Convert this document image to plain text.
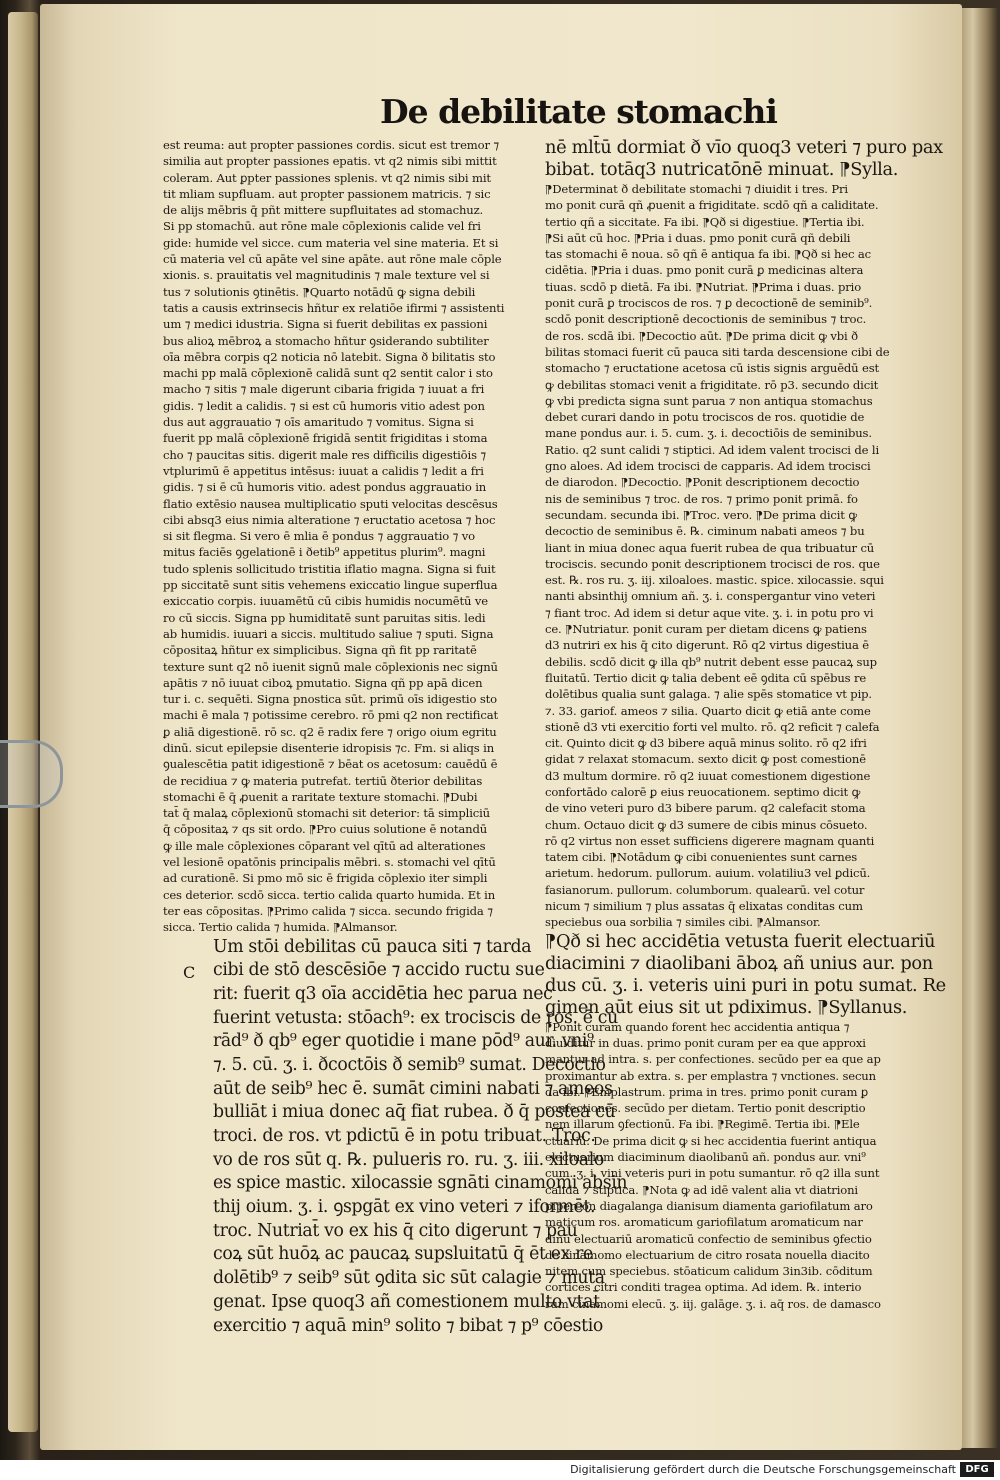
De debilitate stomachi
est reuma: aut propter passiones cordis. sicut est tremor ⁊
similia aut propter passiones epatis. vt q2 nimis sibi mittit
coleram. Aut ꝑpter passiones splenis. vt q2 nimis sibi mit
tit mliam supfluam. aut propter passionem matricis. ⁊ sic
de alijs mēbris q̄ pñt mittere supfluitates ad stomachuz.
Si pp stomachū. aut rōne male cōplexionis calide vel fri
gide: humide vel sicce. cum materia vel sine materia. Et si
cū materia vel cū apāte vel sine apāte. aut rōne male cōple
xionis. s. prauitatis vel magnitudinis ⁊ male texture vel si
tus ⁊ solutionis ꝯtinētis. ⁋Quarto notādū ꝙ signa debili
tatis a causis extrinsecis hñtur ex relatiōe ifirmi ⁊ assistenti
um ⁊ medici idustria. Signa si fuerit debilitas ex passioni
bus alioꝝ mēbroꝝ a stomacho hñtur ꝯsiderando subtiliter
oīa mēbra corpis q2 noticia nō latebit. Signa ð bilitatis sto
machi pp malā cōplexionē calidā sunt q2 sentit calor i sto
macho ⁊ sitis ⁊ male digerunt cibaria frigida ⁊ iuuat a fri
gidis. ⁊ ledit a calidis. ⁊ si est cū humoris vitio adest pon
dus aut aggrauatio ⁊ oīs amaritudo ⁊ vomitus. Signa si
fuerit pp malā cōplexionē frigidā sentit frigiditas i stoma
cho ⁊ paucitas sitis. digerit male res difficilis digestiōis ⁊
vtplurimū ē appetitus intēsus: iuuat a calidis ⁊ ledit a fri
gidis. ⁊ si ē cū humoris vitio. adest pondus aggrauatio in
flatio extēsio nausea multiplicatio sputi velocitas descēsus
cibi absq3 eius nimia alteratione ⁊ eructatio acetosa ⁊ hoc
si sit flegma. Si vero ē mlia ē pondus ⁊ aggrauatio ⁊ vo
mitus faciēs ꝯgelationē i ðetib⁹ appetitus plurim⁹. magni
tudo splenis sollicitudo tristitia iflatio magna. Signa si fuit
pp siccitatē sunt sitis vehemens exiccatio lingue superflua
exiccatio corpis. iuuamētū cū cibis humidis nocumētū ve
ro cū siccis. Signa pp humiditatē sunt paruitas sitis. ledi
ab humidis. iuuari a siccis. multitudo saliue ⁊ sputi. Signa
cōpositaꝝ hñtur ex simplicibus. Signa qñ fit pp raritatē
texture sunt q2 nō iuenit signū male cōplexionis nec signū
apātis ⁊ nō iuuat ciboꝝ pmutatio. Signa qñ pp apā dicen
tur i. c. sequēti. Signa pnostica sūt. primū oīs idigestio sto
machi ē mala ⁊ potissime cerebro. rō pmi q2 non rectificat
ꝑ aliā digestionē. rō sc. q2 ē radix fere ⁊ origo oium egritu
dinū. sicut epilepsie disenterie idropisis ⁊c. Fm. si aliqs in
ꝯualescētia patit idigestionē ⁊ bēat os acetosum: cauēdū ē
de recidiua ⁊ ꝙ materia putrefat. tertiū ðterior debilitas
stomachi ē q̄ ꝓuenit a raritate texture stomachi. ⁋Dubi
tat̄ q̄ malaꝝ cōplexionū stomachi sit deterior: tā simpliciū
q̄ cōpositaꝝ ⁊ qs sit ordo. ⁋Pro cuius solutione ē notandū
ꝙ ille male cōplexiones cōparant vel qītū ad alterationes
vel lesionē opatōnis principalis mēbri. s. stomachi vel qītū
ad curationē. Si pmo mō sic ē frigida cōplexio iter simpli
ces deterior. scdō sicca. tertio calida quarto humida. Et in
ter eas cōpositas. ⁋Primo calida ⁊ sicca. secundo frigida ⁊
sicca. Tertio calida ⁊ humida. ⁋Almansor.
Um stōi debilitas cū pauca siti ⁊ tarda
cibi de stō descēsiōe ⁊ accido ructu sue
rit: fuerit q3 oīa accidētia hec parua nec
fuerint vetusta: stōach⁹: ex trociscis de ros. ē cu
rād⁹ ð qb⁹ eger quotidie i mane pōd⁹ aur. vni⁹
⁊. 5. cū. ʒ. i. ðcoctōis ð semib⁹ sumat. Decoctio
aūt de seib⁹ hec ē. sumāt cimini nabati ⁊ ameos
bulliāt i miua donec aq̄ fiat rubea. ð q̄ postea cū
troci. de ros. vt pdictū ē in potu tribuat. Troc.
vo de ros sūt q. ℞. pulueris ro. ru. ʒ. iii. xiloalo
es spice mastic. xilocassie sgnāti cinamomi absin
thij oium. ʒ. i. ꝯspgāt ex vino veteri ⁊ iformēt.
troc. Nutriat̄ vo ex his q̄ cito digerunt ⁊ pau
coꝝ sūt huōꝝ ac paucaꝝ supsluitatū q̄ ēt ex re
dolētib⁹ ⁊ seib⁹ sūt ꝯdita sic sūt calagie ⁊ muta
genat. Ipse quoq3 añ comestionem multo vtat̄
exercitio ⁊ aquā min⁹ solito ⁊ bibat ⁊ p⁹ cōestio
C
nē mlt̄ū dormiat ð vīo quoq3 veteri ⁊ puro pax
bibat. totāq3 nutricatōnē minuat. ⁋Sylla.
⁋Determinat ð debilitate stomachi ⁊ diuidit i tres. Pri
mo ponit curā qñ ꝓuenit a frigiditate. scdō qñ a caliditate.
tertio qñ a siccitate. Fa ibi. ⁋Qð si digestiue. ⁋Tertia ibi.
⁋Si aūt cū hoc. ⁋Pria i duas. pmo ponit curā qñ debili
tas stomachi ē noua. sō qñ ē antiqua fa ibi. ⁋Qð si hec ac
cidētia. ⁋Pria i duas. pmo ponit curā ꝑ medicinas altera
tiuas. scdō p dietā. Fa ibi. ⁋Nutriat. ⁋Prima i duas. prio
ponit curā ꝑ trociscos de ros. ⁊ ꝑ decoctionē de seminib⁹.
scdō ponit descriptionē decoctionis de seminibus ⁊ troc.
de ros. scdā ibi. ⁋Decoctio aūt. ⁋De prima dicit ꝙ vbi ð
bilitas stomaci fuerit cū pauca siti tarda descensione cibi de
stomacho ⁊ eructatione acetosa cū istis signis arguēdū est
ꝙ debilitas stomaci venit a frigiditate. rō p3. secundo dicit
ꝙ vbi predicta signa sunt parua ⁊ non antiqua stomachus
debet curari dando in potu trociscos de ros. quotidie de
mane pondus aur. i. 5. cum. ʒ. i. decoctiōis de seminibus.
Ratio. q2 sunt calidi ⁊ stiptici. Ad idem valent trocisci de li
gno aloes. Ad idem trocisci de capparis. Ad idem trocisci
de diarodon. ⁋Decoctio. ⁋Ponit descriptionem decoctio
nis de seminibus ⁊ troc. de ros. ⁊ primo ponit primā. fo
secundam. secunda ibi. ⁋Troc. vero. ⁋De prima dicit ꝙ
decoctio de seminibus ē. ℞. ciminum nabati ameos ⁊ bu
liant in miua donec aqua fuerit rubea de qua tribuatur cū
trociscis. secundo ponit descriptionem trocisci de ros. que
est. ℞. ros ru. ʒ. iij. xiloaloes. mastic. spice. xilocassie. squi
nanti absinthij omnium añ. ʒ. i. conspergantur vino veteri
⁊ fiant troc. Ad idem si detur aque vite. ʒ. i. in potu pro vi
ce. ⁋Nutriatur. ponit curam per dietam dicens ꝙ patiens
d3 nutriri ex his q̄ cito digerunt. Rō q2 virtus digestiua ē
debilis. scdō dicit ꝙ illa qb⁹ nutrit debent esse paucaꝝ sup
fluitatū. Tertio dicit ꝙ talia debent eē ꝯdita cū spēbus re
dolētibus qualia sunt galaga. ⁊ alie spēs stomatice vt pip.
⁊. 33. gariof. ameos ⁊ silia. Quarto dicit ꝙ etiā ante come
stionē d3 vti exercitio forti vel multo. rō. q2 reficit ⁊ calefa
cit. Quinto dicit ꝙ d3 bibere aquā minus solito. rō q2 ifri
gidat ⁊ relaxat stomacum. sexto dicit ꝙ post comestionē
d3 multum dormire. rō q2 iuuat comestionem digestione
confortādo calorē ꝑ eius reuocationem. septimo dicit ꝙ
de vino veteri puro d3 bibere parum. q2 calefacit stoma
chum. Octauo dicit ꝙ d3 sumere de cibis minus cōsueto.
rō q2 virtus non esset sufficiens digerere magnam quanti
tatem cibi. ⁋Notādum ꝙ cibi conuenientes sunt carnes
arietum. hedorum. pullorum. auium. volatiliu3 vel ꝑdicū.
fasianorum. pullorum. columborum. qualearū. vel cotur
nicum ⁊ similium ⁊ plus assatas q̄ elixatas conditas cum
speciebus oua sorbilia ⁊ similes cibi. ⁋Almansor.
⁋Qð si hec accidētia vetusta fuerit electuariū
diacimini ⁊ diaolibani āboꝝ añ unius aur. pon
dus cū. ʒ. i. veteris uini puri in potu sumat. Re
gimen aūt eius sit ut pdiximus. ⁋Syllanus.
⁋Ponit curam quando forent hec accidentia antiqua ⁊
diuiditur in duas. primo ponit curam per ea que approxi
mantur ad intra. s. per confectiones. secūdo per ea que ap
proximantur ab extra. s. per emplastra ⁊ vnctiones. secun
da ibi. ⁋Emplastrum. prima in tres. primo ponit curam ꝑ
confectiones. secūdo per dietam. Tertio ponit descriptio
nem illarum ꝯfectionū. Fa ibi. ⁋Regimē. Tertia ibi. ⁋Ele
ctuariū. De prima dicit ꝙ si hec accidentia fuerint antiqua
electuarium diaciminum diaolibanū añ. pondus aur. vni⁹
cum. ʒ. i. vini veteris puri in potu sumantur. rō q2 illa sunt
calida ⁊ stiptica. ⁋Nota ꝙ ad idē valent alia vt diatrioni
pipereon diagalanga dianisum diamenta gariofilatum aro
maticum ros. aromaticum gariofilatum aromaticum nar
dinū electuariū aromaticū confectio de seminibus ꝯfectio
de cinamomo electuarium de citro rosata nouella diacito
nitem cum speciebus. stōaticum calidum 3in3ib. cōditum
cortices citri conditi tragea optima. Ad idem. ℞. interio
rum cinamomi elecū. ʒ. iij. galāge. ʒ. i. aq̄ ros. de damasco
Digitalisierung gefördert durch die Deutsche Forschungsgemeinschaft DFG
